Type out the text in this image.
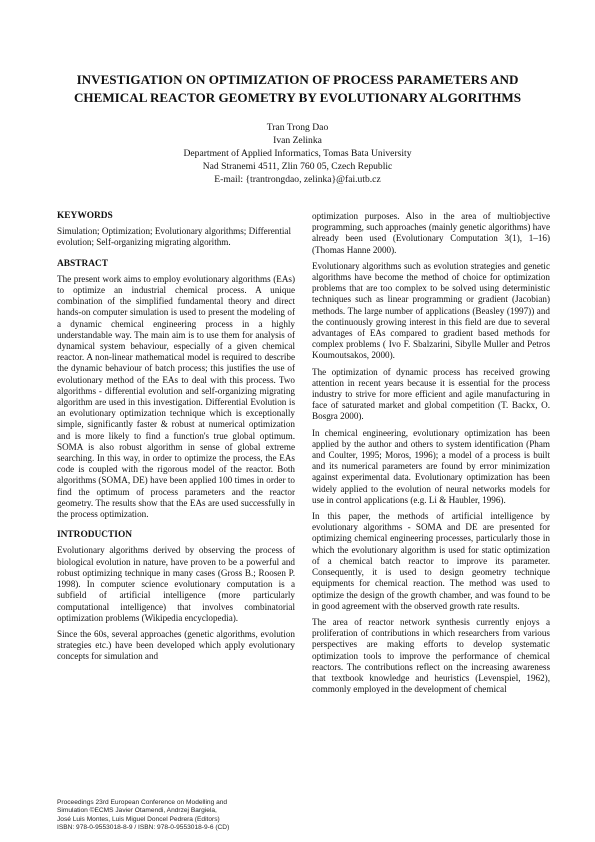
INVESTIGATION ON OPTIMIZATION OF PROCESS PARAMETERS AND
CHEMICAL REACTOR GEOMETRY BY EVOLUTIONARY ALGORITHMS
Tran Trong Dao
Ivan Zelinka
Department of Applied Informatics, Tomas Bata University
Nad Stranemi 4511, Zlin 760 05, Czech Republic
E-mail: {trantrongdao, zelinka}@fai.utb.cz
KEYWORDS

Simulation; Optimization; Evolutionary algorithms; Differential evolution; Self-organizing migrating algorithm.

ABSTRACT

The present work aims to employ evolutionary algorithms (EAs) to optimize an industrial chemical process. A unique combination of the simplified fundamental theory and direct hands-on computer simulation is used to present the modeling of a dynamic chemical engineering process in a highly understandable way. The main aim is to use them for analysis of dynamical system behaviour, especially of a given chemical reactor. A non-linear mathematical model is required to describe the dynamic behaviour of batch process; this justifies the use of evolutionary method of the EAs to deal with this process. Two algorithms - differential evolution and self-organizing migrating algorithm are used in this investigation. Differential Evolution is an evolutionary optimization technique which is exceptionally simple, significantly faster & robust at numerical optimization and is more likely to find a function's true global optimum. SOMA is also robust algorithm in sense of global extreme searching. In this way, in order to optimize the process, the EAs code is coupled with the rigorous model of the reactor. Both algorithms (SOMA, DE) have been applied 100 times in order to find the optimum of process parameters and the reactor geometry. The results show that the EAs are used successfully in the process optimization.

INTRODUCTION

Evolutionary algorithms derived by observing the process of biological evolution in nature, have proven to be a powerful and robust optimizing technique in many cases (Gross B.; Roosen P. 1998). In computer science evolutionary computation is a subfield of artificial intelligence (more particularly computational intelligence) that involves combinatorial optimization problems (Wikipedia encyclopedia).

Since the 60s, several approaches (genetic algorithms, evolution strategies etc.) have been developed which apply evolutionary concepts for simulation and

optimization purposes. Also in the area of multiobjective programming, such approaches (mainly genetic algorithms) have already been used (Evolutionary Computation 3(1), 1–16)(Thomas Hanne 2000).

Evolutionary algorithms such as evolution strategies and genetic algorithms have become the method of choice for optimization problems that are too complex to be solved using deterministic techniques such as linear programming or gradient (Jacobian) methods. The large number of applications (Beasley (1997)) and the continuously growing interest in this field are due to several advantages of EAs compared to gradient based methods for complex problems ( Ivo F. Sbalzarini, Sibylle Muller and Petros Koumoutsakos, 2000).

The optimization of dynamic process has received growing attention in recent years because it is essential for the process industry to strive for more efficient and agile manufacturing in face of saturated market and global competition (T. Backx, O. Bosgra 2000).

In chemical engineering, evolutionary optimization has been applied by the author and others to system identification (Pham and Coulter, 1995; Moros, 1996); a model of a process is built and its numerical parameters are found by error minimization against experimental data. Evolutionary optimization has been widely applied to the evolution of neural networks models for use in control applications (e.g. Li & Haubler, 1996).

In this paper, the methods of artificial intelligence by evolutionary algorithms - SOMA and DE are presented for optimizing chemical engineering processes, particularly those in which the evolutionary algorithm is used for static optimization of a chemical batch reactor to improve its parameter. Consequently, it is used to design geometry technique equipments for chemical reaction. The method was used to optimize the design of the growth chamber, and was found to be in good agreement with the observed growth rate results.

The area of reactor network synthesis currently enjoys a proliferation of contributions in which researchers from various perspectives are making efforts to develop systematic optimization tools to improve the performance of chemical reactors. The contributions reflect on the increasing awareness that textbook knowledge and heuristics (Levenspiel, 1962), commonly employed in the development of chemical

Proceedings 23rd European Conference on Modelling and
Simulation ©ECMS Javier Otamendi, Andrzej Bargiela,
José Luis Montes, Luis Miguel Doncel Pedrera (Editors)
ISBN: 978-0-9553018-8-9 / ISBN: 978-0-9553018-9-6 (CD)
